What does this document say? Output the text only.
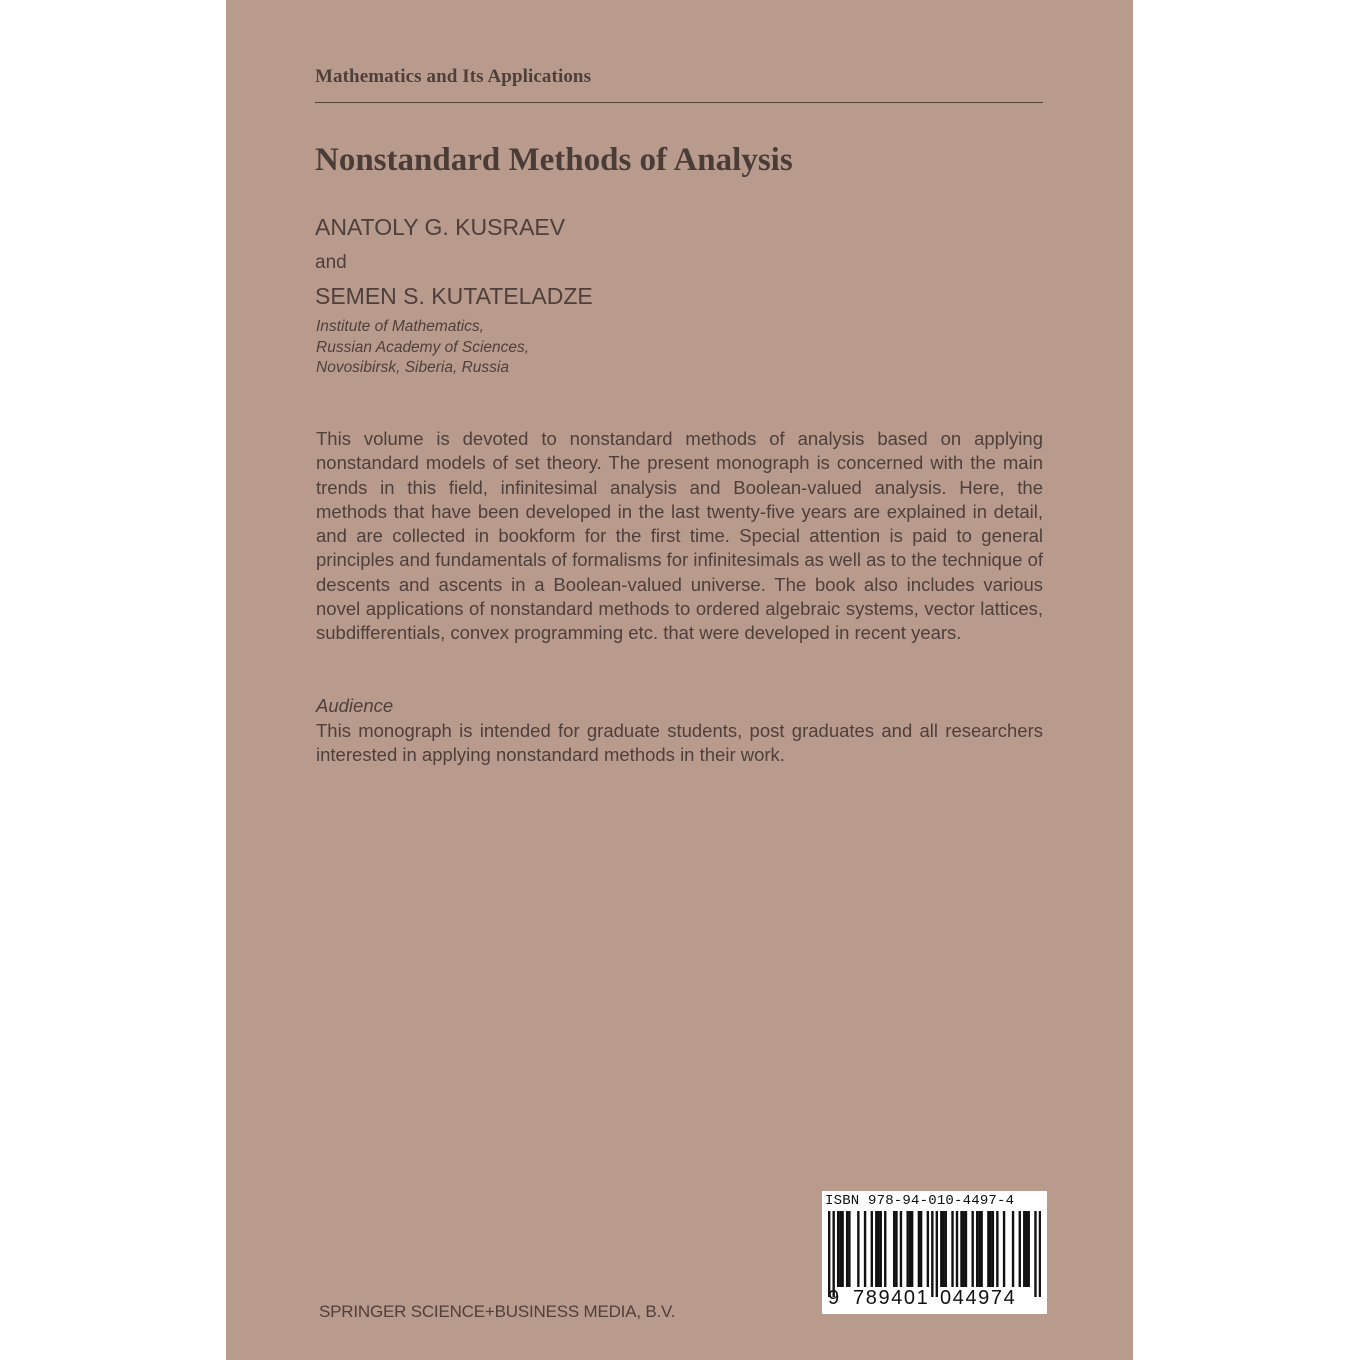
Mathematics and Its Applications
Nonstandard Methods of Analysis
ANATOLY G. KUSRAEV
and
SEMEN S. KUTATELADZE
Institute of Mathematics,
Russian Academy of Sciences,
Novosibirsk, Siberia, Russia

This volume is devoted to nonstandard methods of analysis based on applying nonstandard models of set theory. The present monograph is concerned with the main trends in this field, infinitesimal analysis and Boolean-valued analysis. Here, the methods that have been developed in the last twenty-five years are explained in detail, and are collected in bookform for the first time. Special attention is paid to general principles and fundamentals of formalisms for infinitesimals as well as to the technique of descents and ascents in a Boolean-valued universe. The book also includes various novel applications of nonstandard methods to ordered algebraic systems, vector lattices, subdifferentials, convex programming etc. that were developed in recent years.

Audience

This monograph is intended for graduate students, post graduates and all researchers interested in applying nonstandard methods in their work.

SPRINGER SCIENCE+BUSINESS MEDIA, B.V.
ISBN 978-94-010-4497-4
9 789401 044974
